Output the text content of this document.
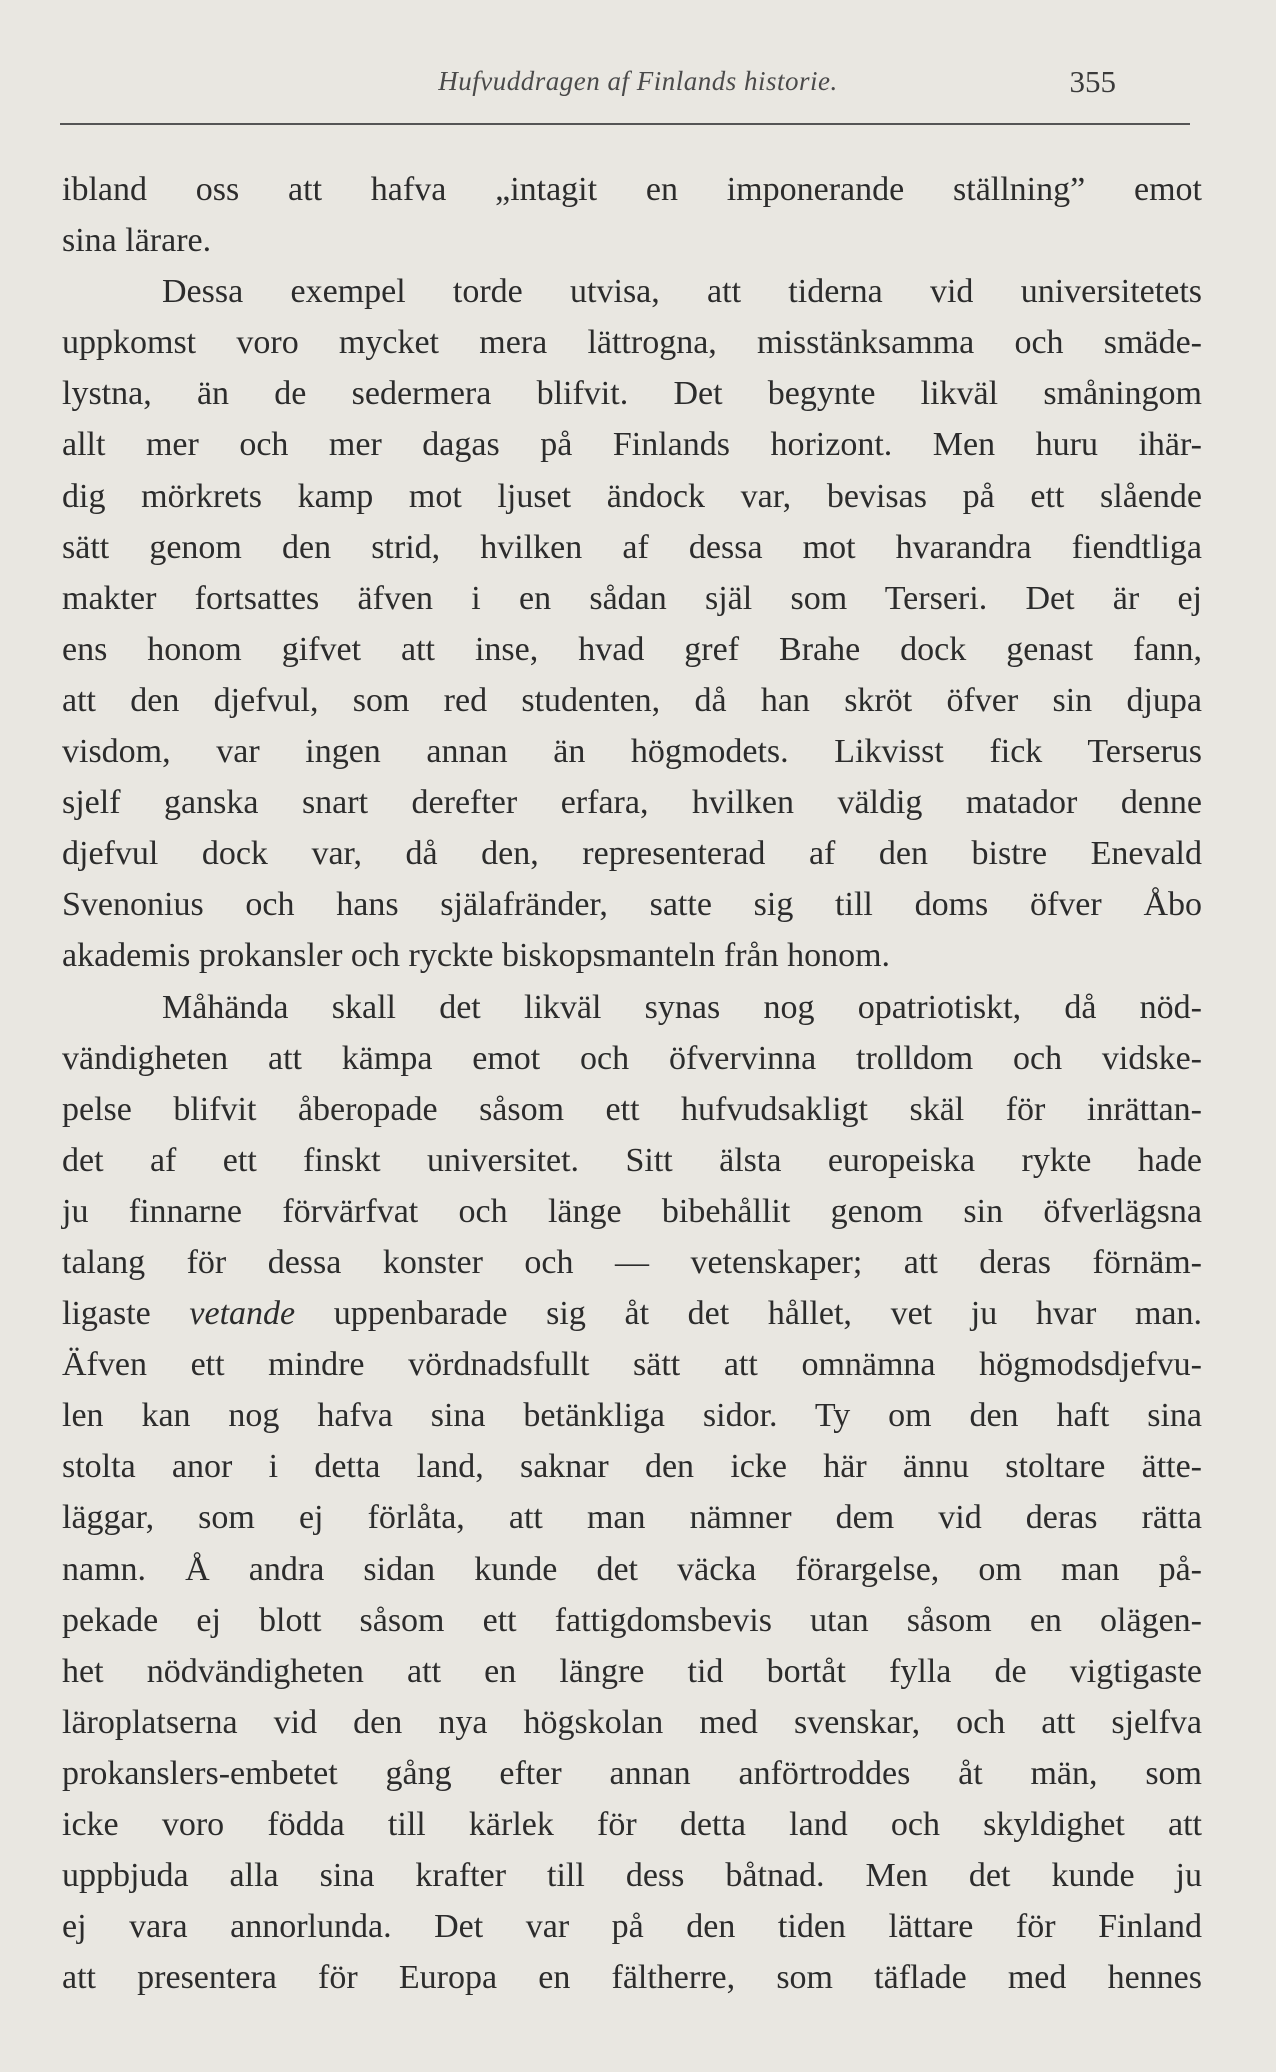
Hufvuddragen af Finlands historie.	355
ibland oss att hafva „intagit en imponerande ställning” emot
sina lärare.
Dessa exempel torde utvisa, att tiderna vid universitetets
uppkomst voro mycket mera lättrogna, misstänksamma och smäde-
lystna, än de sedermera blifvit. Det begynte likväl småningom
allt mer och mer dagas på Finlands horizont. Men huru ihär-
dig mörkrets kamp mot ljuset ändock var, bevisas på ett slående
sätt genom den strid, hvilken af dessa mot hvarandra fiendtliga
makter fortsattes äfven i en sådan själ som Terseri. Det är ej
ens honom gifvet att inse, hvad gref Brahe dock genast fann,
att den djefvul, som red studenten, då han skröt öfver sin djupa
visdom, var ingen annan än högmodets. Likvisst fick Terserus
sjelf ganska snart derefter erfara, hvilken väldig matador denne
djefvul dock var, då den, representerad af den bistre Enevald
Svenonius och hans själafränder, satte sig till doms öfver Åbo
akademis prokansler och ryckte biskopsmanteln från honom.
Måhända skall det likväl synas nog opatriotiskt, då nöd-
vändigheten att kämpa emot och öfvervinna trolldom och vidske-
pelse blifvit åberopade såsom ett hufvudsakligt skäl för inrättan-
det af ett finskt universitet. Sitt älsta europeiska rykte hade
ju finnarne förvärfvat och länge bibehållit genom sin öfverlägsna
talang för dessa konster och — vetenskaper; att deras förnäm-
ligaste vetande uppenbarade sig åt det hållet, vet ju hvar man.
Äfven ett mindre vördnadsfullt sätt att omnämna högmodsdjefvu-
len kan nog hafva sina betänkliga sidor. Ty om den haft sina
stolta anor i detta land, saknar den icke här ännu stoltare ätte-
läggar, som ej förlåta, att man nämner dem vid deras rätta
namn. Å andra sidan kunde det väcka förargelse, om man på-
pekade ej blott såsom ett fattigdomsbevis utan såsom en olägen-
het nödvändigheten att en längre tid bortåt fylla de vigtigaste
läroplatserna vid den nya högskolan med svenskar, och att sjelfva
prokanslers-embetet gång efter annan anförtroddes åt män, som
icke voro födda till kärlek för detta land och skyldighet att
uppbjuda alla sina krafter till dess båtnad. Men det kunde ju
ej vara annorlunda. Det var på den tiden lättare för Finland
att presentera för Europa en fältherre, som täflade med hennes
